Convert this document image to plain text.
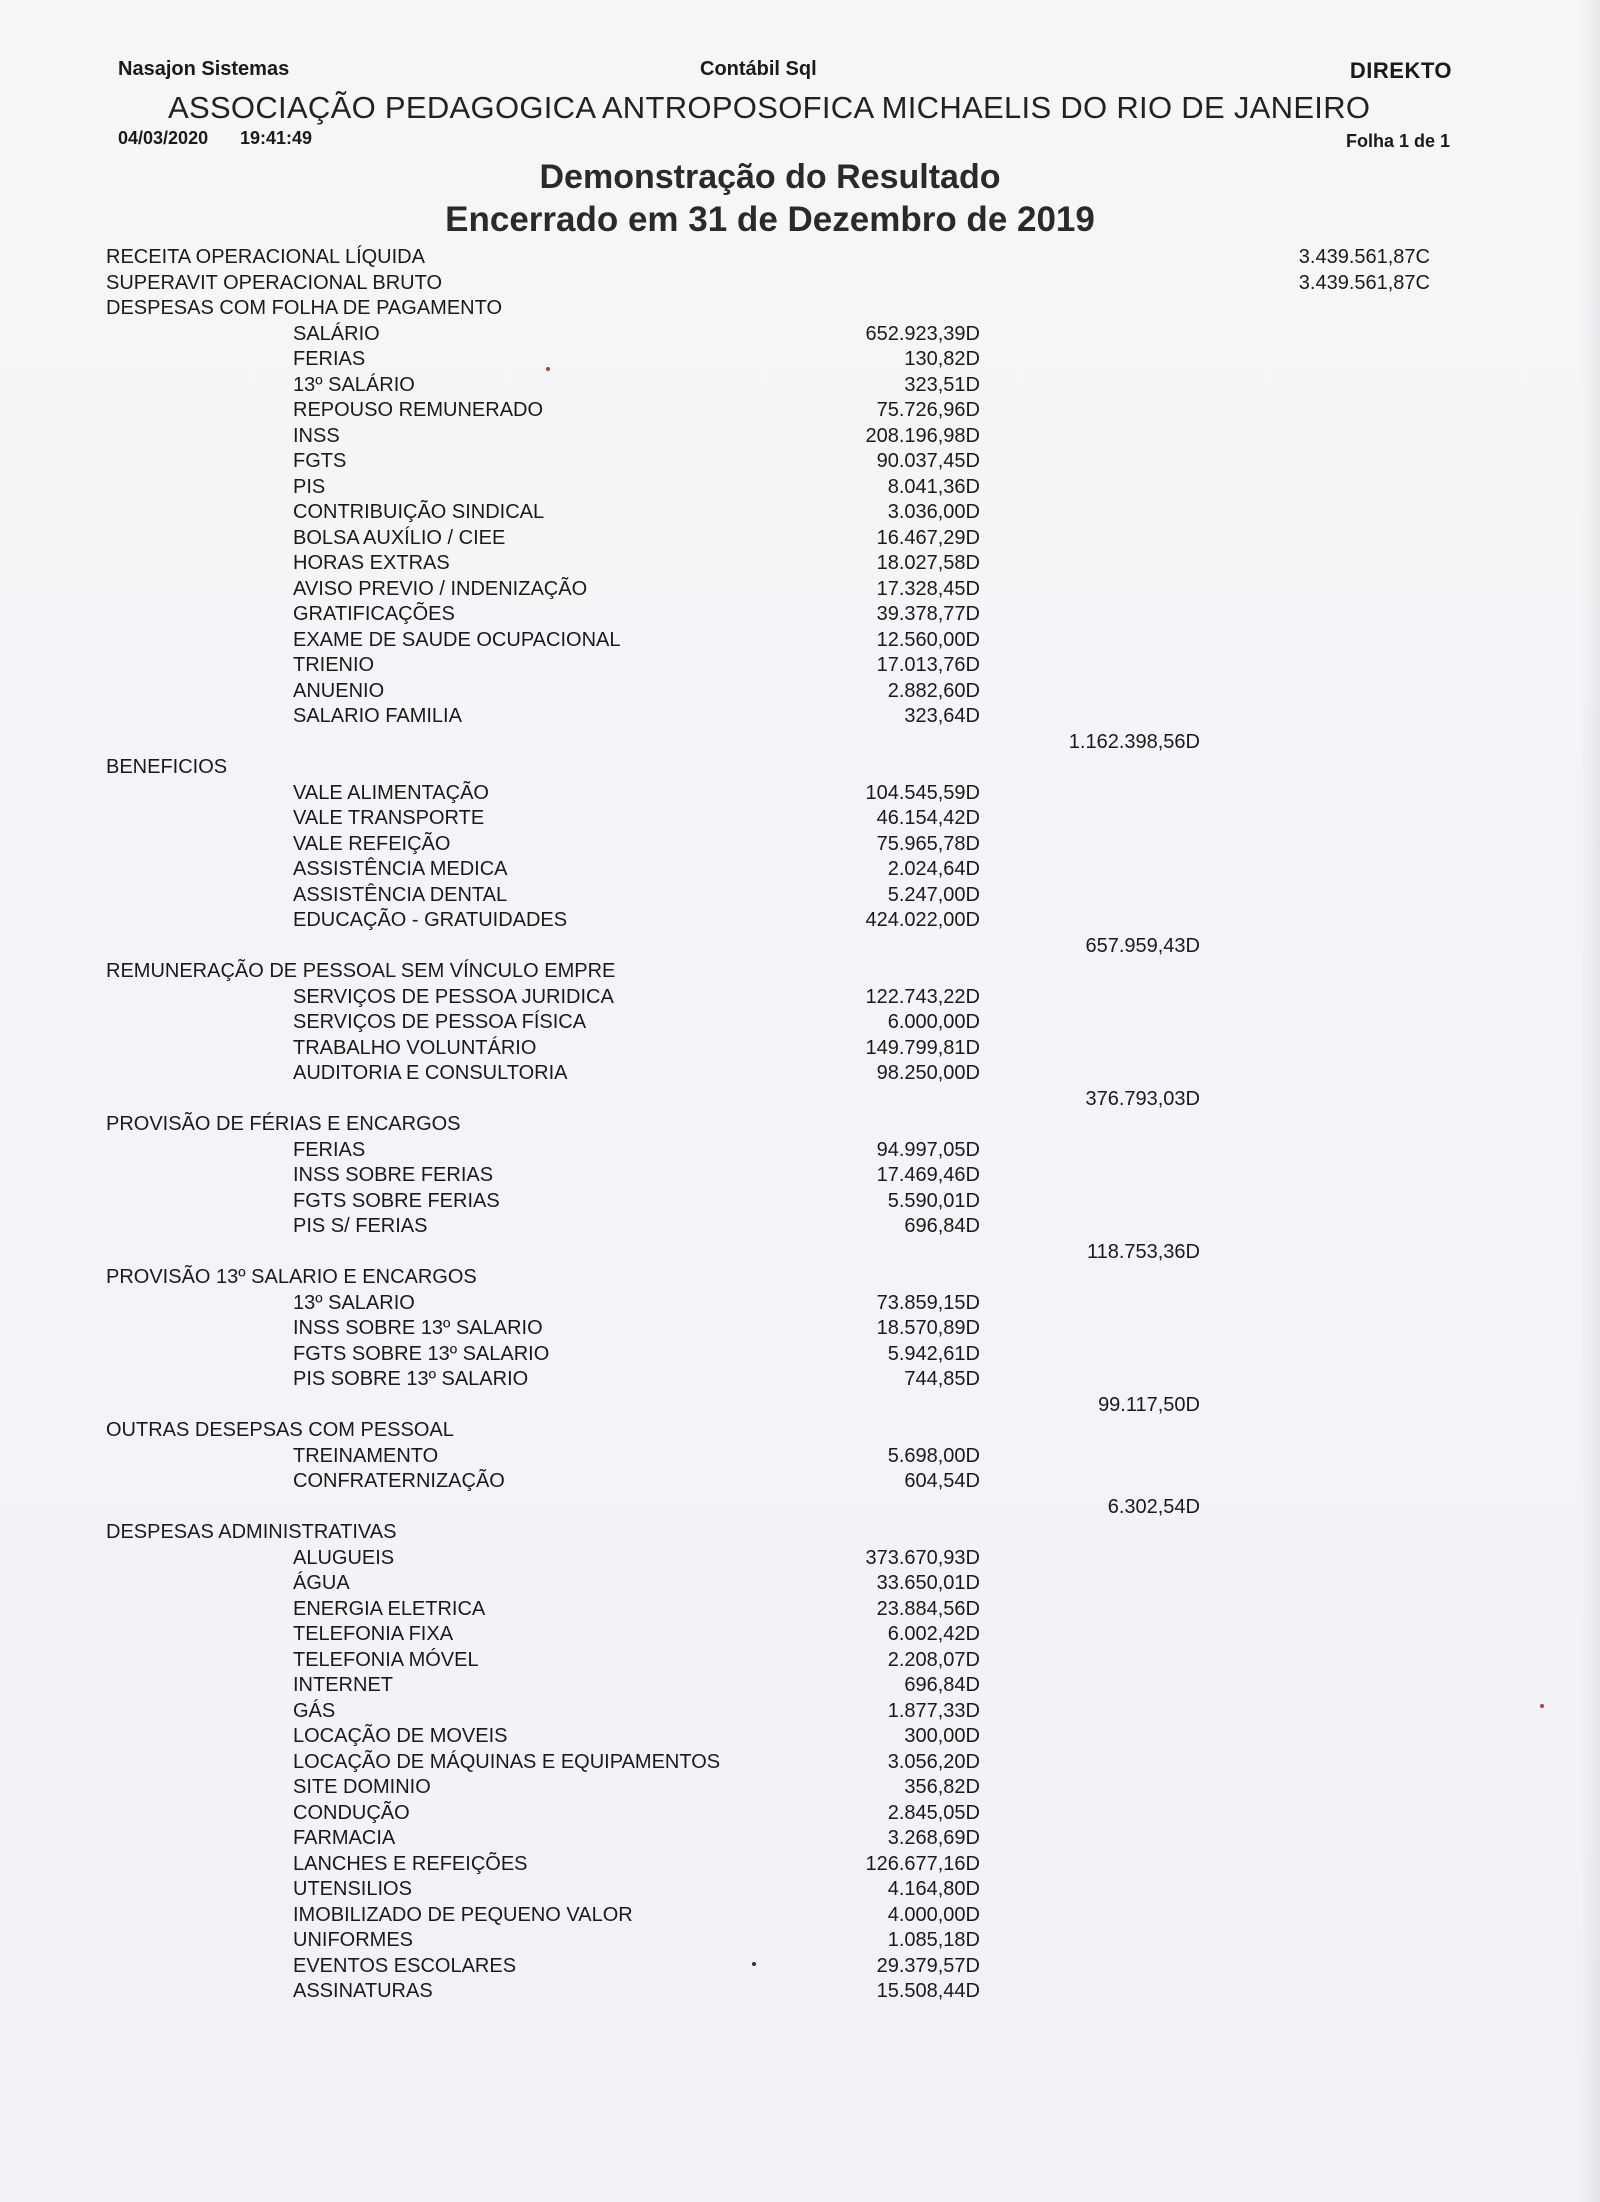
Nasajon Sistemas	Contábil Sql	DIREKTO
ASSOCIAÇÃO PEDAGOGICA ANTROPOSOFICA MICHAELIS DO RIO DE JANEIRO
04/03/2020 19:41:49	Folha 1 de 1
Demonstração do Resultado
Encerrado em 31 de Dezembro de 2019
RECEITA OPERACIONAL LÍQUIDA	3.439.561,87C
SUPERAVIT OPERACIONAL BRUTO	3.439.561,87C
DESPESAS COM FOLHA DE PAGAMENTO
SALÁRIO	652.923,39D
FERIAS	130,82D
13º SALÁRIO	323,51D
REPOUSO REMUNERADO	75.726,96D
INSS	208.196,98D
FGTS	90.037,45D
PIS	8.041,36D
CONTRIBUIÇÃO SINDICAL	3.036,00D
BOLSA AUXÍLIO / CIEE	16.467,29D
HORAS EXTRAS	18.027,58D
AVISO PREVIO / INDENIZAÇÃO	17.328,45D
GRATIFICAÇÕES	39.378,77D
EXAME DE SAUDE OCUPACIONAL	12.560,00D
TRIENIO	17.013,76D
ANUENIO	2.882,60D
SALARIO FAMILIA	323,64D
1.162.398,56D
BENEFICIOS
VALE ALIMENTAÇÃO	104.545,59D
VALE TRANSPORTE	46.154,42D
VALE REFEIÇÃO	75.965,78D
ASSISTÊNCIA MEDICA	2.024,64D
ASSISTÊNCIA DENTAL	5.247,00D
EDUCAÇÃO - GRATUIDADES	424.022,00D
657.959,43D
REMUNERAÇÃO DE PESSOAL SEM VÍNCULO EMPRE
SERVIÇOS DE PESSOA JURIDICA	122.743,22D
SERVIÇOS DE PESSOA FÍSICA	6.000,00D
TRABALHO VOLUNTÁRIO	149.799,81D
AUDITORIA E CONSULTORIA	98.250,00D
376.793,03D
PROVISÃO DE FÉRIAS E ENCARGOS
FERIAS	94.997,05D
INSS SOBRE FERIAS	17.469,46D
FGTS SOBRE FERIAS	5.590,01D
PIS S/ FERIAS	696,84D
118.753,36D
PROVISÃO 13º SALARIO E ENCARGOS
13º SALARIO	73.859,15D
INSS SOBRE 13º SALARIO	18.570,89D
FGTS SOBRE 13º SALARIO	5.942,61D
PIS SOBRE 13º SALARIO	744,85D
99.117,50D
OUTRAS DESEPSAS COM PESSOAL
TREINAMENTO	5.698,00D
CONFRATERNIZAÇÃO	604,54D
6.302,54D
DESPESAS ADMINISTRATIVAS
ALUGUEIS	373.670,93D
ÁGUA	33.650,01D
ENERGIA ELETRICA	23.884,56D
TELEFONIA FIXA	6.002,42D
TELEFONIA MÓVEL	2.208,07D
INTERNET	696,84D
GÁS	1.877,33D
LOCAÇÃO DE MOVEIS	300,00D
LOCAÇÃO DE MÁQUINAS E EQUIPAMENTOS	3.056,20D
SITE DOMINIO	356,82D
CONDUÇÃO	2.845,05D
FARMACIA	3.268,69D
LANCHES E REFEIÇÕES	126.677,16D
UTENSILIOS	4.164,80D
IMOBILIZADO DE PEQUENO VALOR	4.000,00D
UNIFORMES	1.085,18D
EVENTOS ESCOLARES	29.379,57D
ASSINATURAS	15.508,44D
